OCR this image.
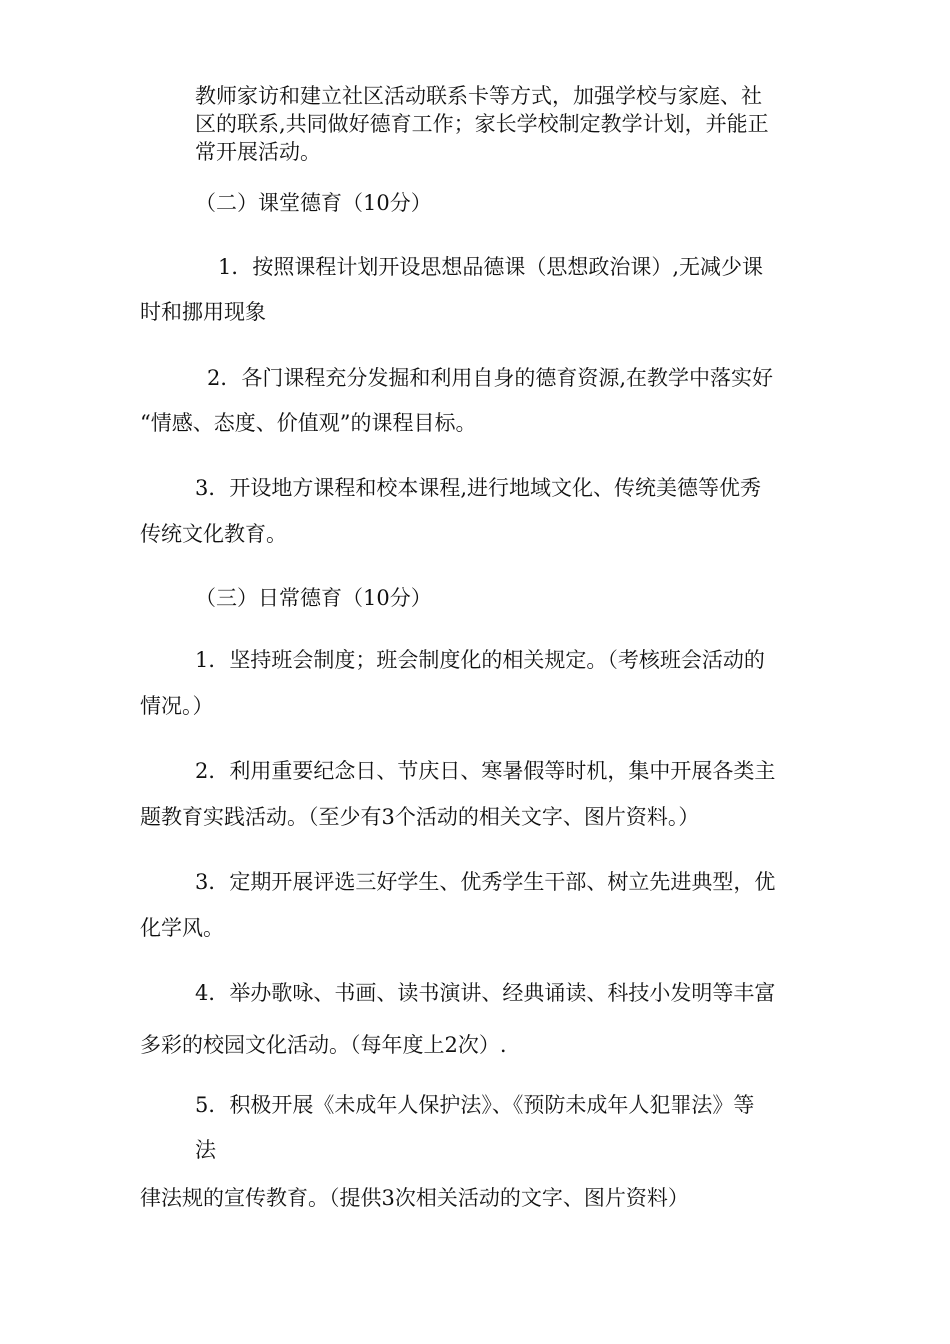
教师家访和建立社区活动联系卡等方式，加强学校与家庭、社
区的联系,共同做好德育工作；家长学校制定教学计划，并能正
常开展活动。
（二）课堂德育（10分）
1．按照课程计划开设思想品德课（思想政治课）,无减少课
时和挪用现象
2．各门课程充分发掘和利用自身的德育资源,在教学中落实好
“情感、态度、价值观”的课程目标。
3．开设地方课程和校本课程,进行地域文化、传统美德等优秀
传统文化教育。
（三）日常德育（10分）
1．坚持班会制度；班会制度化的相关规定。（考核班会活动的
情况。）
2．利用重要纪念日、节庆日、寒暑假等时机，集中开展各类主
题教育实践活动。（至少有3个活动的相关文字、图片资料。）
3．定期开展评选三好学生、优秀学生干部、树立先进典型，优
化学风。
4．举办歌咏、书画、读书演讲、经典诵读、科技小发明等丰富
多彩的校园文化活动。（每年度上2次）.
5．积极开展《未成年人保护法》、《预防未成年人犯罪法》等
法
律法规的宣传教育。（提供3次相关活动的文字、图片资料）
